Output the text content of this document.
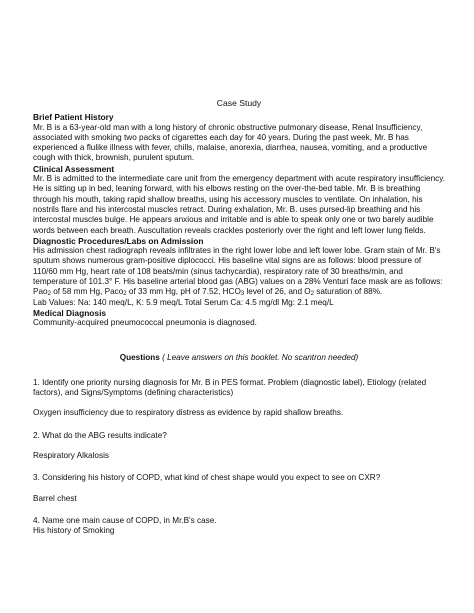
Case Study
Brief Patient History

Mr. B is a 63-year-old man with a long history of chronic obstructive pulmonary disease, Renal Insufficiency, associated with smoking two packs of cigarettes each day for 40 years. During the past week, Mr. B has experienced a flulike illness with fever, chills, malaise, anorexia, diarrhea, nausea, vomiting, and a productive cough with thick, brownish, purulent sputum.

Clinical Assessment

Mr. B is admitted to the intermediate care unit from the emergency department with acute respiratory insufficiency. He is sitting up in bed, leaning forward, with his elbows resting on the over-the-bed table. Mr. B is breathing through his mouth, taking rapid shallow breaths, using his accessory muscles to ventilate. On inhalation, his nostrils flare and his intercostal muscles retract. During exhalation, Mr. B. uses pursed-lip breathing and his intercostal muscles bulge. He appears anxious and irritable and is able to speak only one or two barely audible words between each breath. Auscultation reveals crackles posteriorly over the right and left lower lung fields.

Diagnostic Procedures/Labs on Admission

His admission chest radiograph reveals infiltrates in the right lower lobe and left lower lobe. Gram stain of Mr. B's sputum shows numerous gram-positive diplococci. His baseline vital signs are as follows: blood pressure of 110/60 mm Hg, heart rate of 108 beats/min (sinus tachycardia), respiratory rate of 30 breaths/min, and temperature of 101.3° F. His baseline arterial blood gas (ABG) values on a 28% Venturi face mask are as follows: Pao$_2$ of 58 mm Hg, Paco$_2$ of 33 mm Hg, pH of 7.52, $HCO_3$ level of 26, and $O_2$ saturation of 88%.

Lab Values: Na: 140 meq/L, K: 5.9 meq/L Total Serum Ca: 4.5 mg/dl Mg: 2.1 meq/L

Medical Diagnosis

Community-acquired pneumococcal pneumonia is diagnosed.

Questions ( Leave answers on this booklet. No scantron needed)

1. Identify one priority nursing diagnosis for Mr. B in PES format. Problem (diagnostic label), Etiology (related factors), and Signs/Symptoms (defining characteristics)

Oxygen insufficiency due to respiratory distress as evidence by rapid shallow breaths.

2. What do the ABG results indicate?

Respiratory Alkalosis

3. Considering his history of COPD, what kind of chest shape would you expect to see on CXR?

Barrel chest

4. Name one main cause of COPD, in Mr.B's case.

His history of Smoking
